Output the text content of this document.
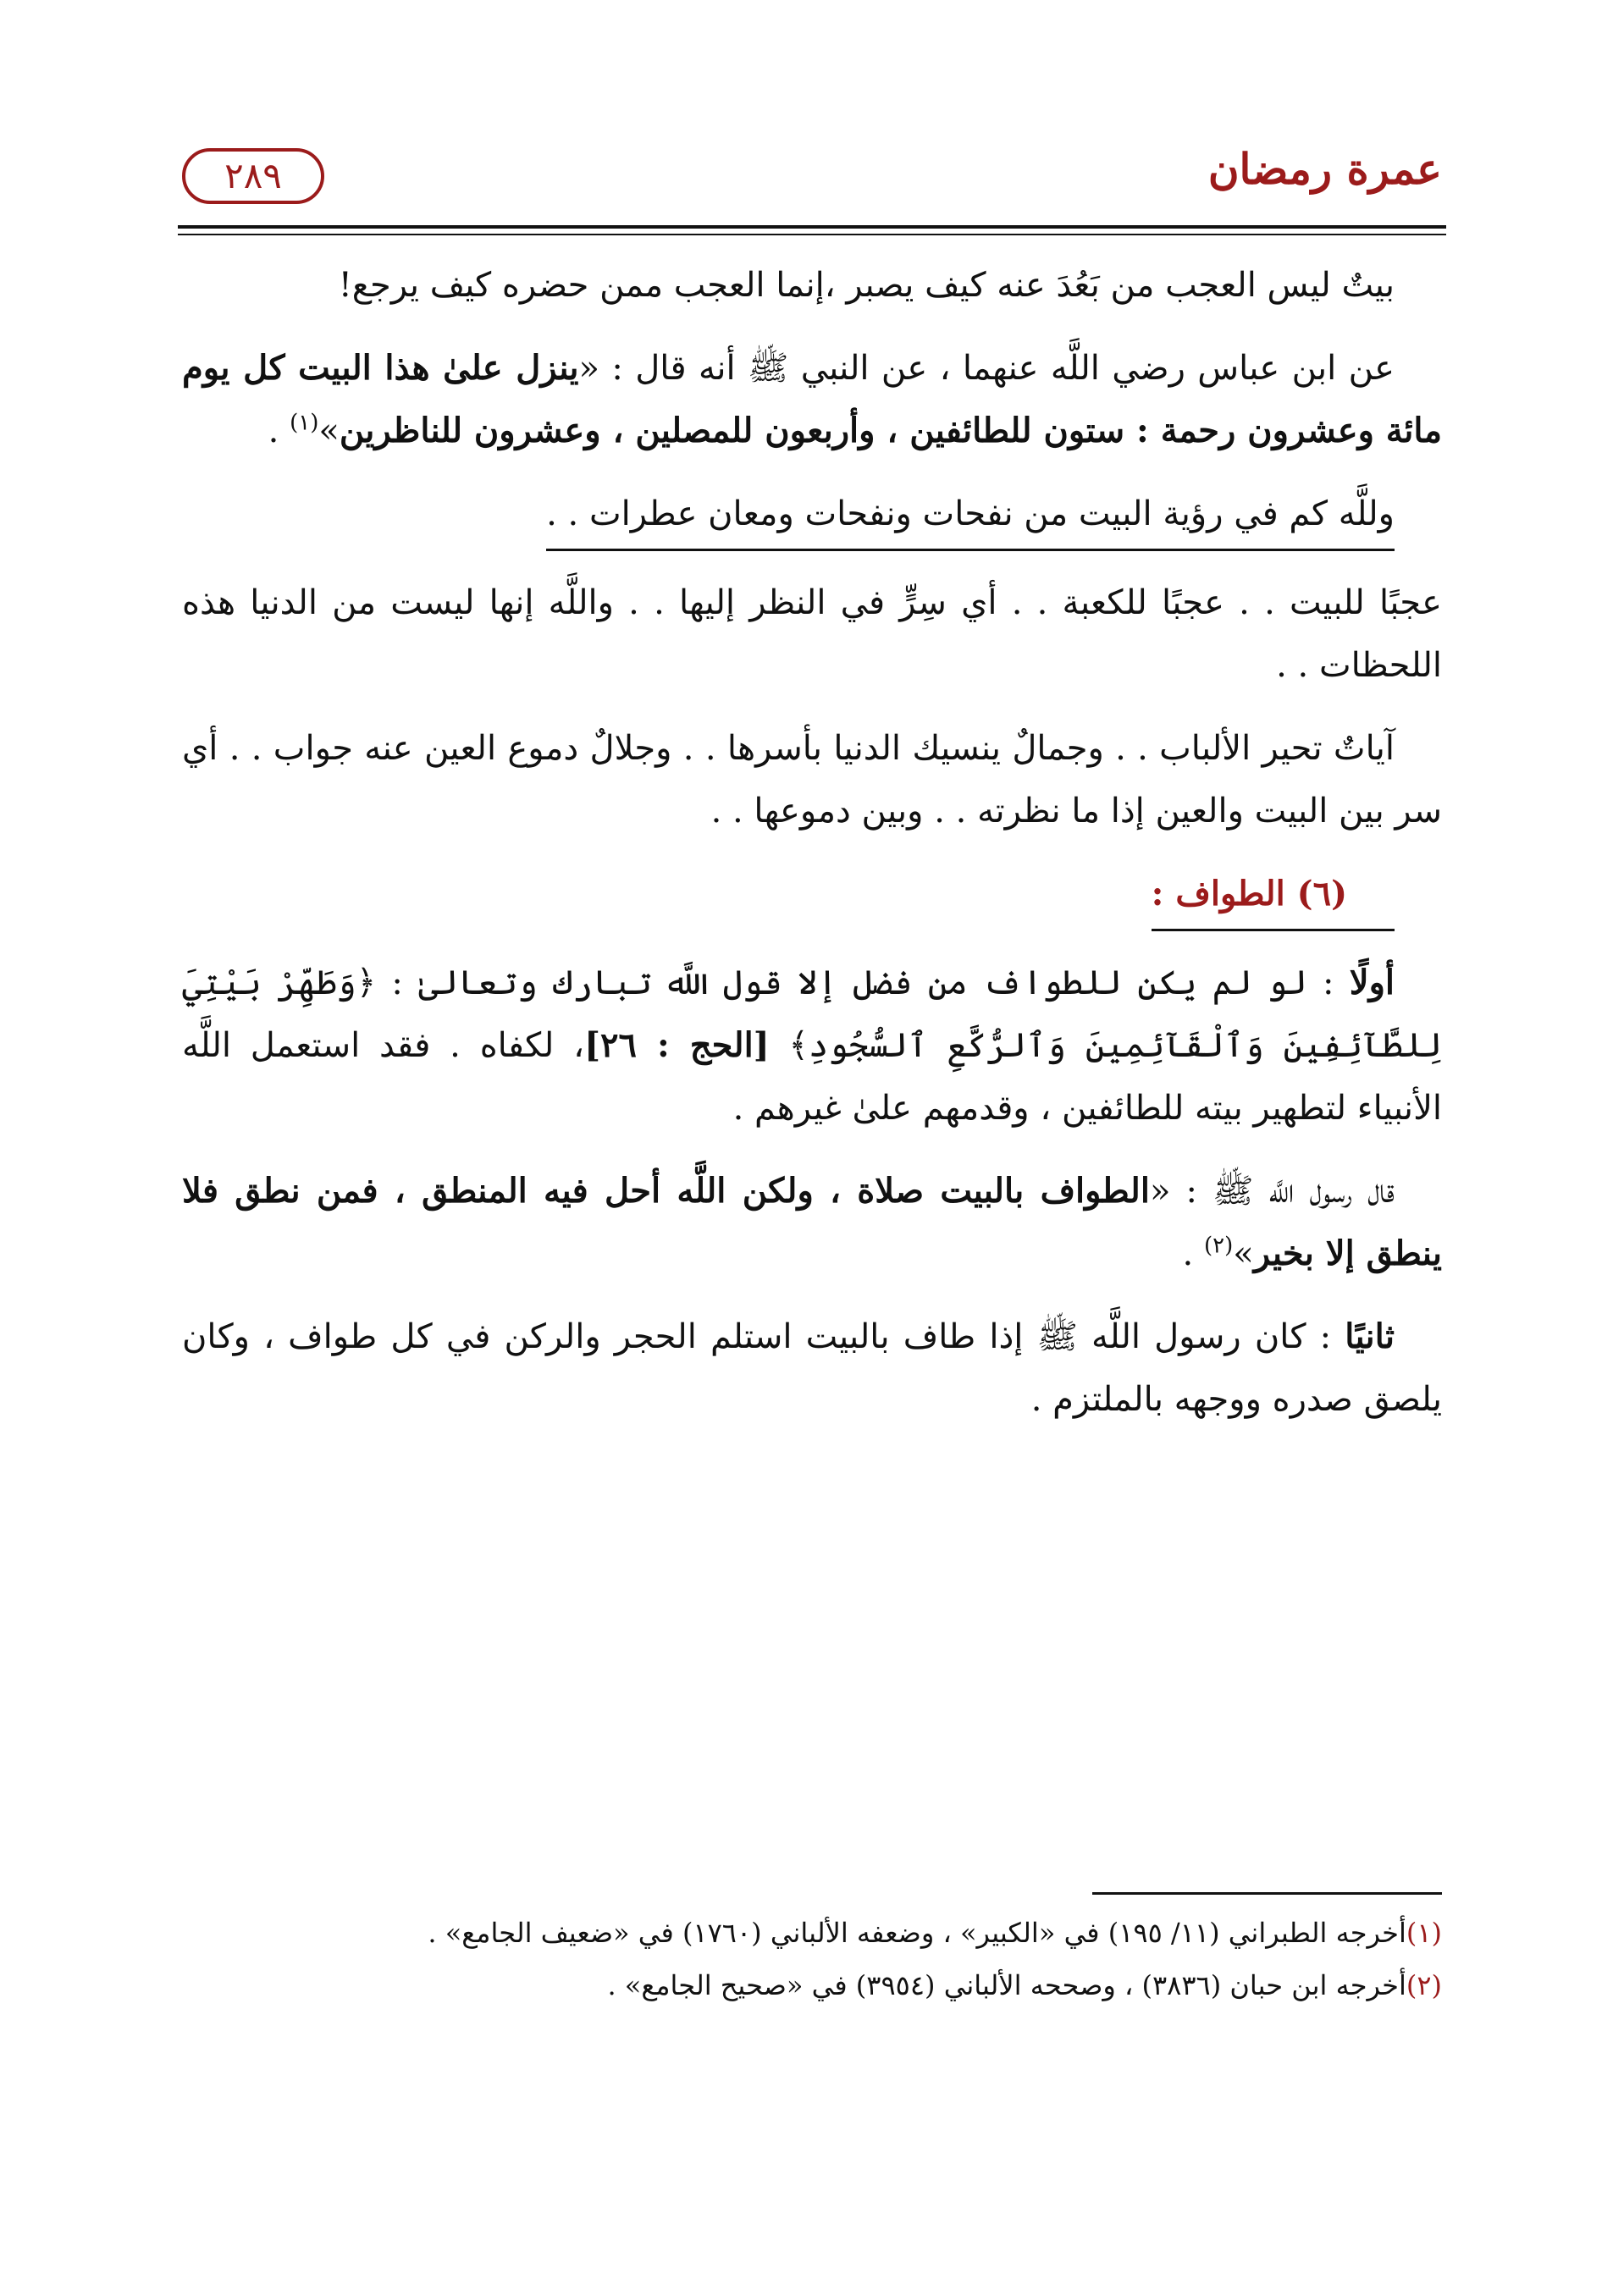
٢٨٩	عمرة رمضان

بيتٌ ليس العجب من بَعُدَ عنه كيف يصبر ،إنما العجب ممن حضره كيف يرجع!

عن ابن عباس رضي اللَّه عنهما ، عن النبي ﷺ أنه قال : «ينزل علىٰ هذا البيت كل يوم مائة وعشرون رحمة : ستون للطائفين ، وأربعون للمصلين ، وعشرون للناظرين»$^{(١)}$ .

وللَّه كم في رؤية البيت من نفحات ونفحات ومعان عطرات . .

عجبًا للبيت . . عجبًا للكعبة . . أي سِرٍّ في النظر إليها . . واللَّه إنها ليست من الدنيا هذه اللحظات . .

آياتٌ تحير الألباب . . وجمالٌ ينسيك الدنيا بأسرها . . وجلالٌ دموع العين عنه جواب . . أي سر بين البيت والعين إذا ما نظرته . . وبين دموعها . .

(٦) الطواف :

أولًا : لو لم يكن للطواف من فضل إلا قول اللَّه تبارك وتعالىٰ : ﴿وَطَهِّرْ بَيْتِيَ لِلطَّآئِفِينَ وَٱلْقَآئِمِينَ وَٱلرُّكَّعِ ٱلسُّجُودِ﴾ [الحج : ٢٦]، لكفاه . فقد استعمل اللَّه الأنبياء لتطهير بيته للطائفين ، وقدمهم علىٰ غيرهم .

قال رسول اللَّه ﷺ : «الطواف بالبيت صلاة ، ولكن اللَّه أحل فيه المنطق ، فمن نطق فلا ينطق إلا بخير»$^{(٢)}$ .

ثانيًا : كان رسول اللَّه ﷺ إذا طاف بالبيت استلم الحجر والركن في كل طواف ، وكان يلصق صدره ووجهه بالملتزم .

(١)أخرجه الطبراني (١١/ ١٩٥) في «الكبير» ، وضعفه الألباني (١٧٦٠) في «ضعيف الجامع» .

(٢)أخرجه ابن حبان (٣٨٣٦) ، وصححه الألباني (٣٩٥٤) في «صحيح الجامع» .
